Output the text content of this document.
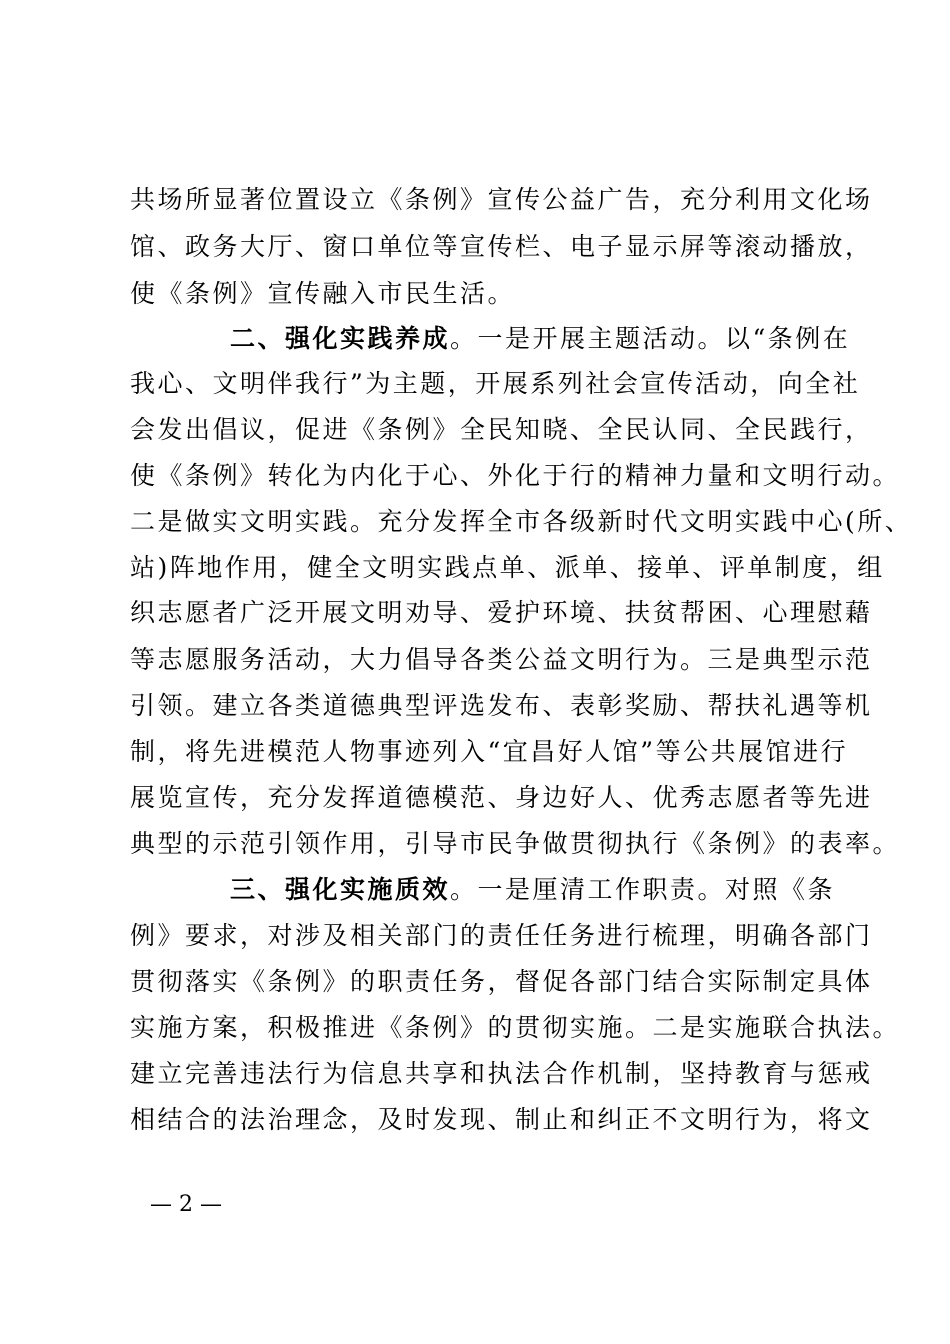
共场所显著位置设立《条例》宣传公益广告，充分利用文化场
馆、政务大厅、窗口单位等宣传栏、电子显示屏等滚动播放，
使《条例》宣传融入市民生活。
二、强化实践养成。一是开展主题活动。以“条例在
我心、文明伴我行”为主题，开展系列社会宣传活动，向全社
会发出倡议，促进《条例》全民知晓、全民认同、全民践行，
使《条例》转化为内化于心、外化于行的精神力量和文明行动。
二是做实文明实践。充分发挥全市各级新时代文明实践中心(所、
站)阵地作用，健全文明实践点单、派单、接单、评单制度，组
织志愿者广泛开展文明劝导、爱护环境、扶贫帮困、心理慰藉
等志愿服务活动，大力倡导各类公益文明行为。三是典型示范
引领。建立各类道德典型评选发布、表彰奖励、帮扶礼遇等机
制，将先进模范人物事迹列入“宜昌好人馆”等公共展馆进行
展览宣传，充分发挥道德模范、身边好人、优秀志愿者等先进
典型的示范引领作用，引导市民争做贯彻执行《条例》的表率。
三、强化实施质效。一是厘清工作职责。对照《条
例》要求，对涉及相关部门的责任任务进行梳理，明确各部门
贯彻落实《条例》的职责任务，督促各部门结合实际制定具体
实施方案，积极推进《条例》的贯彻实施。二是实施联合执法。
建立完善违法行为信息共享和执法合作机制，坚持教育与惩戒
相结合的法治理念，及时发现、制止和纠正不文明行为，将文
— 2 —
